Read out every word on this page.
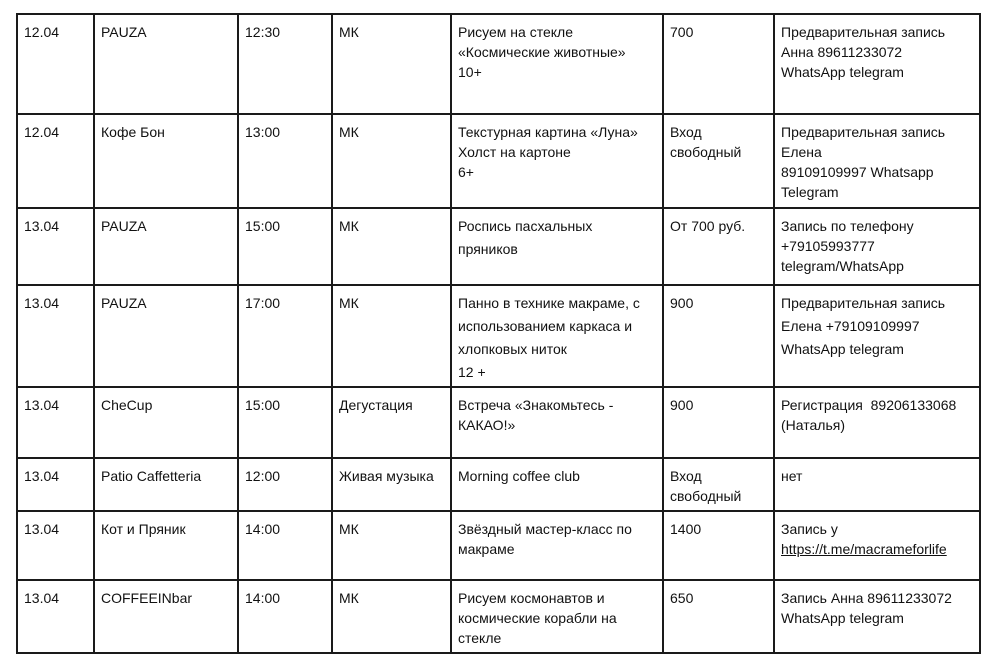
12.04	PAUZA	12:30	МК	Рисуем на стекле
«Космические животные»
10+	700	Предварительная запись
Анна 89611233072
WhatsApp telegram

12.04	Кофе Бон	13:00	МК	Текстурная картина «Луна»
Холст на картоне
6+	Вход
свободный	Предварительная запись
Елена
89109109997 Whatsapp
Telegram

13.04	PAUZA	15:00	МК	Роспись пасхальных
пряников	От 700 руб.	Запись по телефону
+79105993777
telegram/WhatsApp

13.04	PAUZA	17:00	МК	Панно в технике макраме, с
использованием каркаса и
хлопковых ниток
12 +	900	Предварительная запись
Елена +79109109997
WhatsApp telegram

13.04	CheCup	15:00	Дегустация	Встреча «Знакомьтесь -
КАКАО!»	900	Регистрация  89206133068
(Наталья)

13.04	Patio Caffetteria	12:00	Живая музыка	Morning coffee club	Вход
свободный	нет

13.04	Кот и Пряник	14:00	МК	Звёздный мастер-класс по
макраме	1400	Запись у
https://t.me/macrameforlife

13.04	COFFEEINbar	14:00	МК	Рисуем космонавтов и
космические корабли на
стекле	650	Запись Анна 89611233072
WhatsApp telegram
